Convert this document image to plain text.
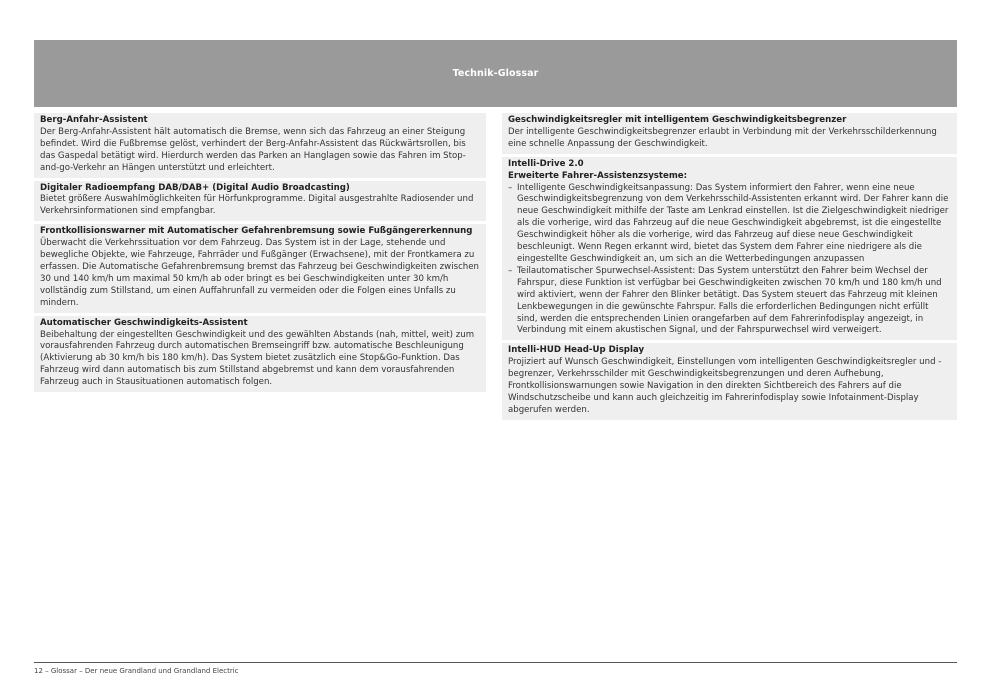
Technik-Glossar
Berg-Anfahr-Assistent
Der Berg-Anfahr-Assistent hält automatisch die Bremse, wenn sich das Fahrzeug an einer Steigung befindet. Wird die Fußbremse gelöst, verhindert der Berg-Anfahr-Assistent das Rückwärtsrollen, bis das Gaspedal betätigt wird. Hierdurch werden das Parken an Hanglagen sowie das Fahren im Stop-and-go-Verkehr an Hängen unterstützt und erleichtert.
Digitaler Radioempfang DAB/DAB+ (Digital Audio Broadcasting)
Bietet größere Auswahlmöglichkeiten für Hörfunkprogramme. Digital ausgestrahlte Radiosender und Verkehrsinformationen sind empfangbar.
Frontkollisionswarner mit Automatischer Gefahrenbremsung sowie Fußgängererkennung
Überwacht die Verkehrssituation vor dem Fahrzeug. Das System ist in der Lage, stehende und bewegliche Objekte, wie Fahrzeuge, Fahrräder und Fußgänger (Erwachsene), mit der Frontkamera zu erfassen. Die Automatische Gefahrenbremsung bremst das Fahrzeug bei Geschwindigkeiten zwischen 30 und 140 km/h um maximal 50 km/h ab oder bringt es bei Geschwindigkeiten unter 30 km/h vollständig zum Stillstand, um einen Auffahrunfall zu vermeiden oder die Folgen eines Unfalls zu mindern.
Automatischer Geschwindigkeits-Assistent
Beibehaltung der eingestellten Geschwindigkeit und des gewählten Abstands (nah, mittel, weit) zum vorausfahrenden Fahrzeug durch automatischen Bremseingriff bzw. automatische Beschleunigung (Aktivierung ab 30 km/h bis 180 km/h). Das System bietet zusätzlich eine Stop&Go-Funktion. Das Fahrzeug wird dann automatisch bis zum Stillstand abgebremst und kann dem vorausfahrenden Fahrzeug auch in Stausituationen automatisch folgen.
Geschwindigkeitsregler mit intelligentem Geschwindigkeitsbegrenzer
Der intelligente Geschwindigkeitsbegrenzer erlaubt in Verbindung mit der Verkehrsschilderkennung eine schnelle Anpassung der Geschwindigkeit.
Intelli-Drive 2.0
Erweiterte Fahrer-Assistenzsysteme:
– Intelligente Geschwindigkeitsanpassung: Das System informiert den Fahrer, wenn eine neue Geschwindigkeitsbegrenzung von dem Verkehrsschild-Assistenten erkannt wird. Der Fahrer kann die neue Geschwindigkeit mithilfe der Taste am Lenkrad einstellen. Ist die Zielgeschwindigkeit niedriger als die vorherige, wird das Fahrzeug auf die neue Geschwindigkeit abgebremst, ist die eingestellte Geschwindigkeit höher als die vorherige, wird das Fahrzeug auf diese neue Geschwindigkeit beschleunigt. Wenn Regen erkannt wird, bietet das System dem Fahrer eine niedrigere als die eingestellte Geschwindigkeit an, um sich an die Wetterbedingungen anzupassen
– Teilautomatischer Spurwechsel-Assistent: Das System unterstützt den Fahrer beim Wechsel der Fahrspur, diese Funktion ist verfügbar bei Geschwindigkeiten zwischen 70 km/h und 180 km/h und wird aktiviert, wenn der Fahrer den Blinker betätigt. Das System steuert das Fahrzeug mit kleinen Lenkbewegungen in die gewünschte Fahrspur. Falls die erforderlichen Bedingungen nicht erfüllt sind, werden die entsprechenden Linien orangefarben auf dem Fahrerinfodisplay angezeigt, in Verbindung mit einem akustischen Signal, und der Fahrspurwechsel wird verweigert.
Intelli-HUD Head-Up Display
Projiziert auf Wunsch Geschwindigkeit, Einstellungen vom intelligenten Geschwindigkeitsregler und -begrenzer, Verkehrsschilder mit Geschwindigkeitsbegrenzungen und deren Aufhebung, Frontkollisionswarnungen sowie Navigation in den direkten Sichtbereich des Fahrers auf die Windschutzscheibe und kann auch gleichzeitig im Fahrerinfodisplay sowie Infotainment-Display abgerufen werden.
12 – Glossar – Der neue Grandland und Grandland Electric
